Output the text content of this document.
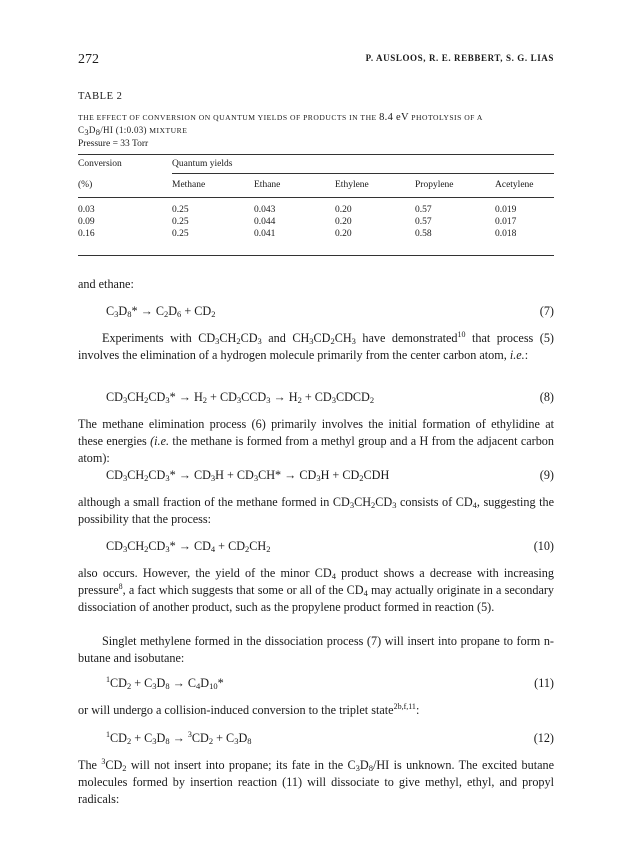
272	P. AUSLOOS, R. E. REBBERT, S. G. LIAS
TABLE 2
THE EFFECT OF CONVERSION ON QUANTUM YIELDS OF PRODUCTS IN THE 8.4 eV PHOTOLYSIS OF A
$C_3D_8/HI$ (1:0.03) MIXTURE
Pressure = 33 Torr
Conversion	Quantum yields
(%)	Methane	Ethane	Ethylene	Propylene	Acetylene
0.03	0.25	0.043	0.20	0.57	0.019
0.09	0.25	0.044	0.20	0.57	0.017
0.16	0.25	0.041	0.20	0.58	0.018
and ethane:
$C_3D_8* \to C_2D_6 + CD_2$	(7)
Experiments with $CD_3CH_2CD_3$ and $CH_3CD_2CH_3$ have demonstrated$^{10}$ that process (5) involves the elimination of a hydrogen molecule primarily from the center carbon atom, i.e.:
$CD_3CH_2CD_3* \to H_2 + CD_3CCD_3 \to H_2$ + $CD_3CDCD_2$	(8)
The methane elimination process (6) primarily involves the initial formation of ethylidine at these energies (i.e. the methane is formed from a methyl group and a H from the adjacent carbon atom):
$CD_3CH_2CD_3* \to CD_3H + CD_3CH* \to CD_3H + CD_2CDH$	(9)
although a small fraction of the methane formed in $CD_3CH_2CD_3$ consists of $CD_4$, suggesting the possibility that the process:
$CD_3CH_2CD_3* \to CD_4 + CD_2CH_2$	(10)
also occurs. However, the yield of the minor $CD_4$ product shows a decrease with increasing pressure$^8$, a fact which suggests that some or all of the $CD_4$ may actually originate in a secondary dissociation of another product, such as the propylene product formed in reaction (5).
Singlet methylene formed in the dissociation process (7) will insert into propane to form n-butane and isobutane:
$^1CD_2 + C_3D_8 \to C_4D_{10}*$	(11)
or will undergo a collision-induced conversion to the triplet state$^{2b,f,11}$:
$^1CD_2 + C_3D_8 \to ^3CD_2 + C_3D_8$	(12)
The $^3CD_2$ will not insert into propane; its fate in the $C_3D_8/HI$ is unknown. The excited butane molecules formed by insertion reaction (11) will dissociate to give methyl, ethyl, and propyl radicals:
